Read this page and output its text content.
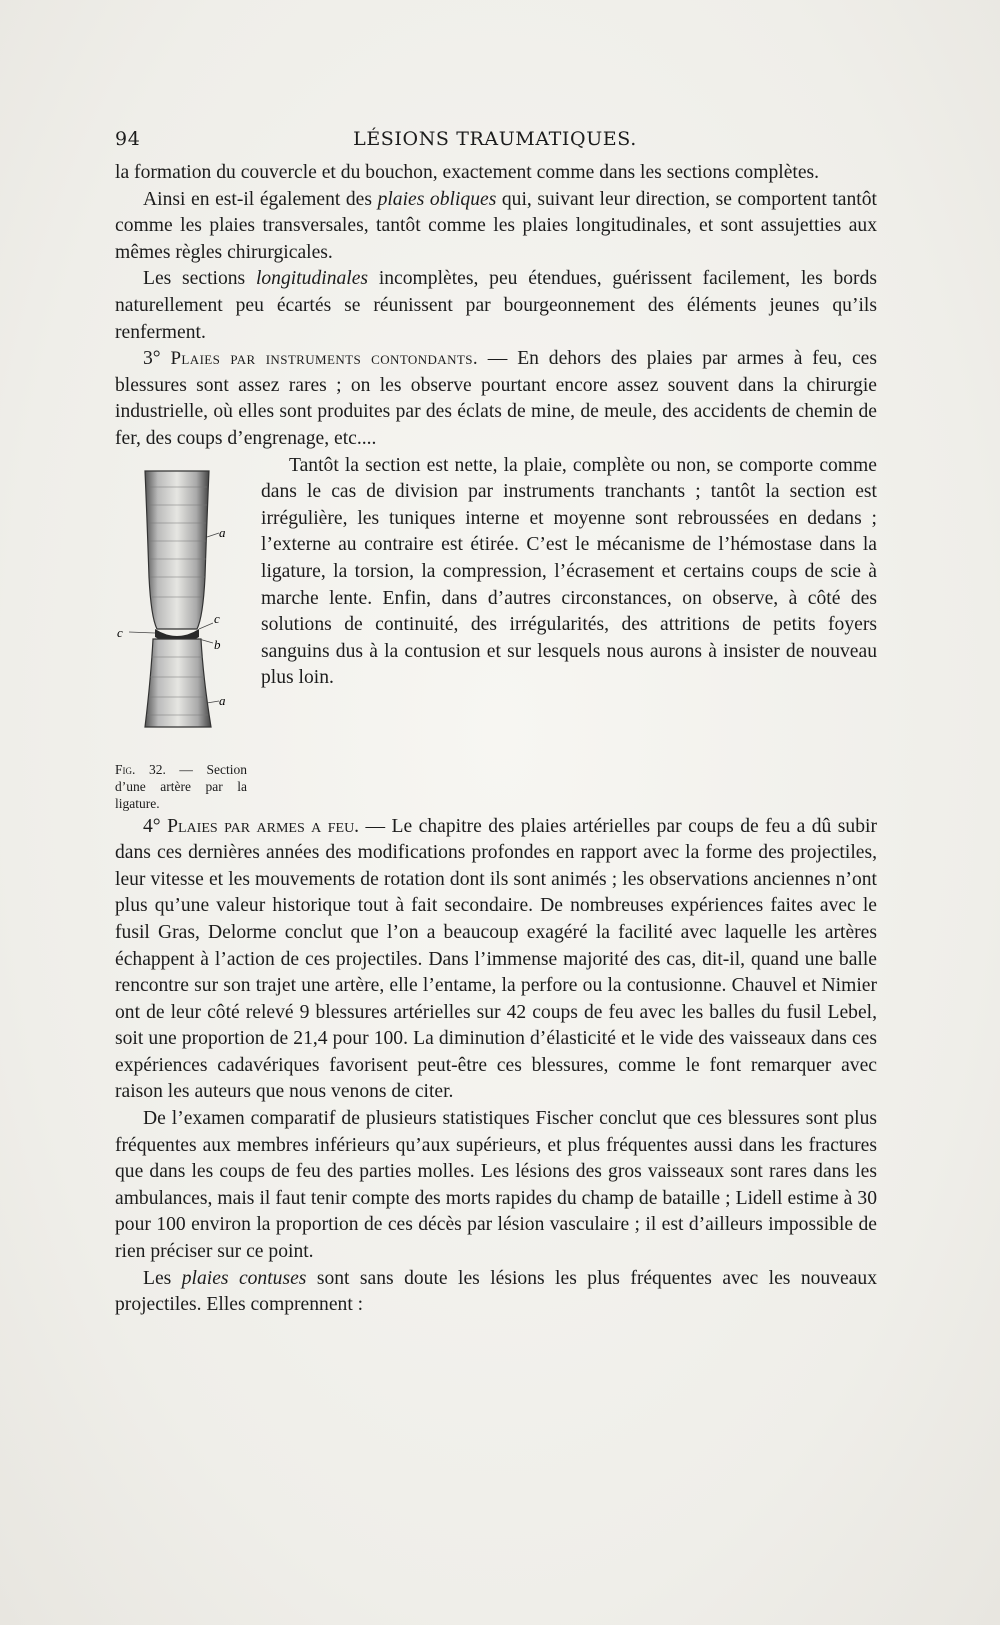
94	LÉSIONS TRAUMATIQUES.

la formation du couvercle et du bouchon, exactement comme dans les sections complètes.

Ainsi en est-il également des plaies obliques qui, suivant leur direction, se comportent tantôt comme les plaies transversales, tantôt comme les plaies longitudinales, et sont assujetties aux mêmes règles chirurgicales.

Les sections longitudinales incomplètes, peu étendues, guérissent facilement, les bords naturellement peu écartés se réunissent par bourgeonnement des éléments jeunes qu’ils renferment.

3° Plaies par instruments contondants. — En dehors des plaies par armes à feu, ces blessures sont assez rares ; on les observe pourtant encore assez souvent dans la chirurgie industrielle, où elles sont produites par des éclats de mine, de meule, des accidents de chemin de fer, des coups d’engrenage, etc....

a
c
c
b
a
Fig. 32. — Section d’une artère par la ligature.

Tantôt la section est nette, la plaie, complète ou non, se comporte comme dans le cas de division par instruments tranchants ; tantôt la section est irrégulière, les tuniques interne et moyenne sont rebroussées en dedans ; l’externe au contraire est étirée. C’est le mécanisme de l’hémostase dans la ligature, la torsion, la compression, l’écrasement et certains coups de scie à marche lente. Enfin, dans d’autres circonstances, on observe, à côté des solutions de continuité, des irrégularités, des attritions de petits foyers sanguins dus à la contusion et sur lesquels nous aurons à insister de nouveau plus loin.

4° Plaies par armes a feu. — Le chapitre des plaies artérielles par coups de feu a dû subir dans ces dernières années des modifications profondes en rapport avec la forme des projectiles, leur vitesse et les mouvements de rotation dont ils sont animés ; les observations anciennes n’ont plus qu’une valeur historique tout à fait secondaire. De nombreuses expériences faites avec le fusil Gras, Delorme conclut que l’on a beaucoup exagéré la facilité avec laquelle les artères échappent à l’action de ces projectiles. Dans l’immense majorité des cas, dit-il, quand une balle rencontre sur son trajet une artère, elle l’entame, la perfore ou la contusionne. Chauvel et Nimier ont de leur côté relevé 9 blessures artérielles sur 42 coups de feu avec les balles du fusil Lebel, soit une proportion de 21,4 pour 100. La diminution d’élasticité et le vide des vaisseaux dans ces expériences cadavériques favorisent peut-être ces blessures, comme le font remarquer avec raison les auteurs que nous venons de citer.

De l’examen comparatif de plusieurs statistiques Fischer conclut que ces blessures sont plus fréquentes aux membres inférieurs qu’aux supérieurs, et plus fréquentes aussi dans les fractures que dans les coups de feu des parties molles. Les lésions des gros vaisseaux sont rares dans les ambulances, mais il faut tenir compte des morts rapides du champ de bataille ; Lidell estime à 30 pour 100 environ la proportion de ces décès par lésion vasculaire ; il est d’ailleurs impossible de rien préciser sur ce point.

Les plaies contuses sont sans doute les lésions les plus fréquentes avec les nouveaux projectiles. Elles comprennent :
